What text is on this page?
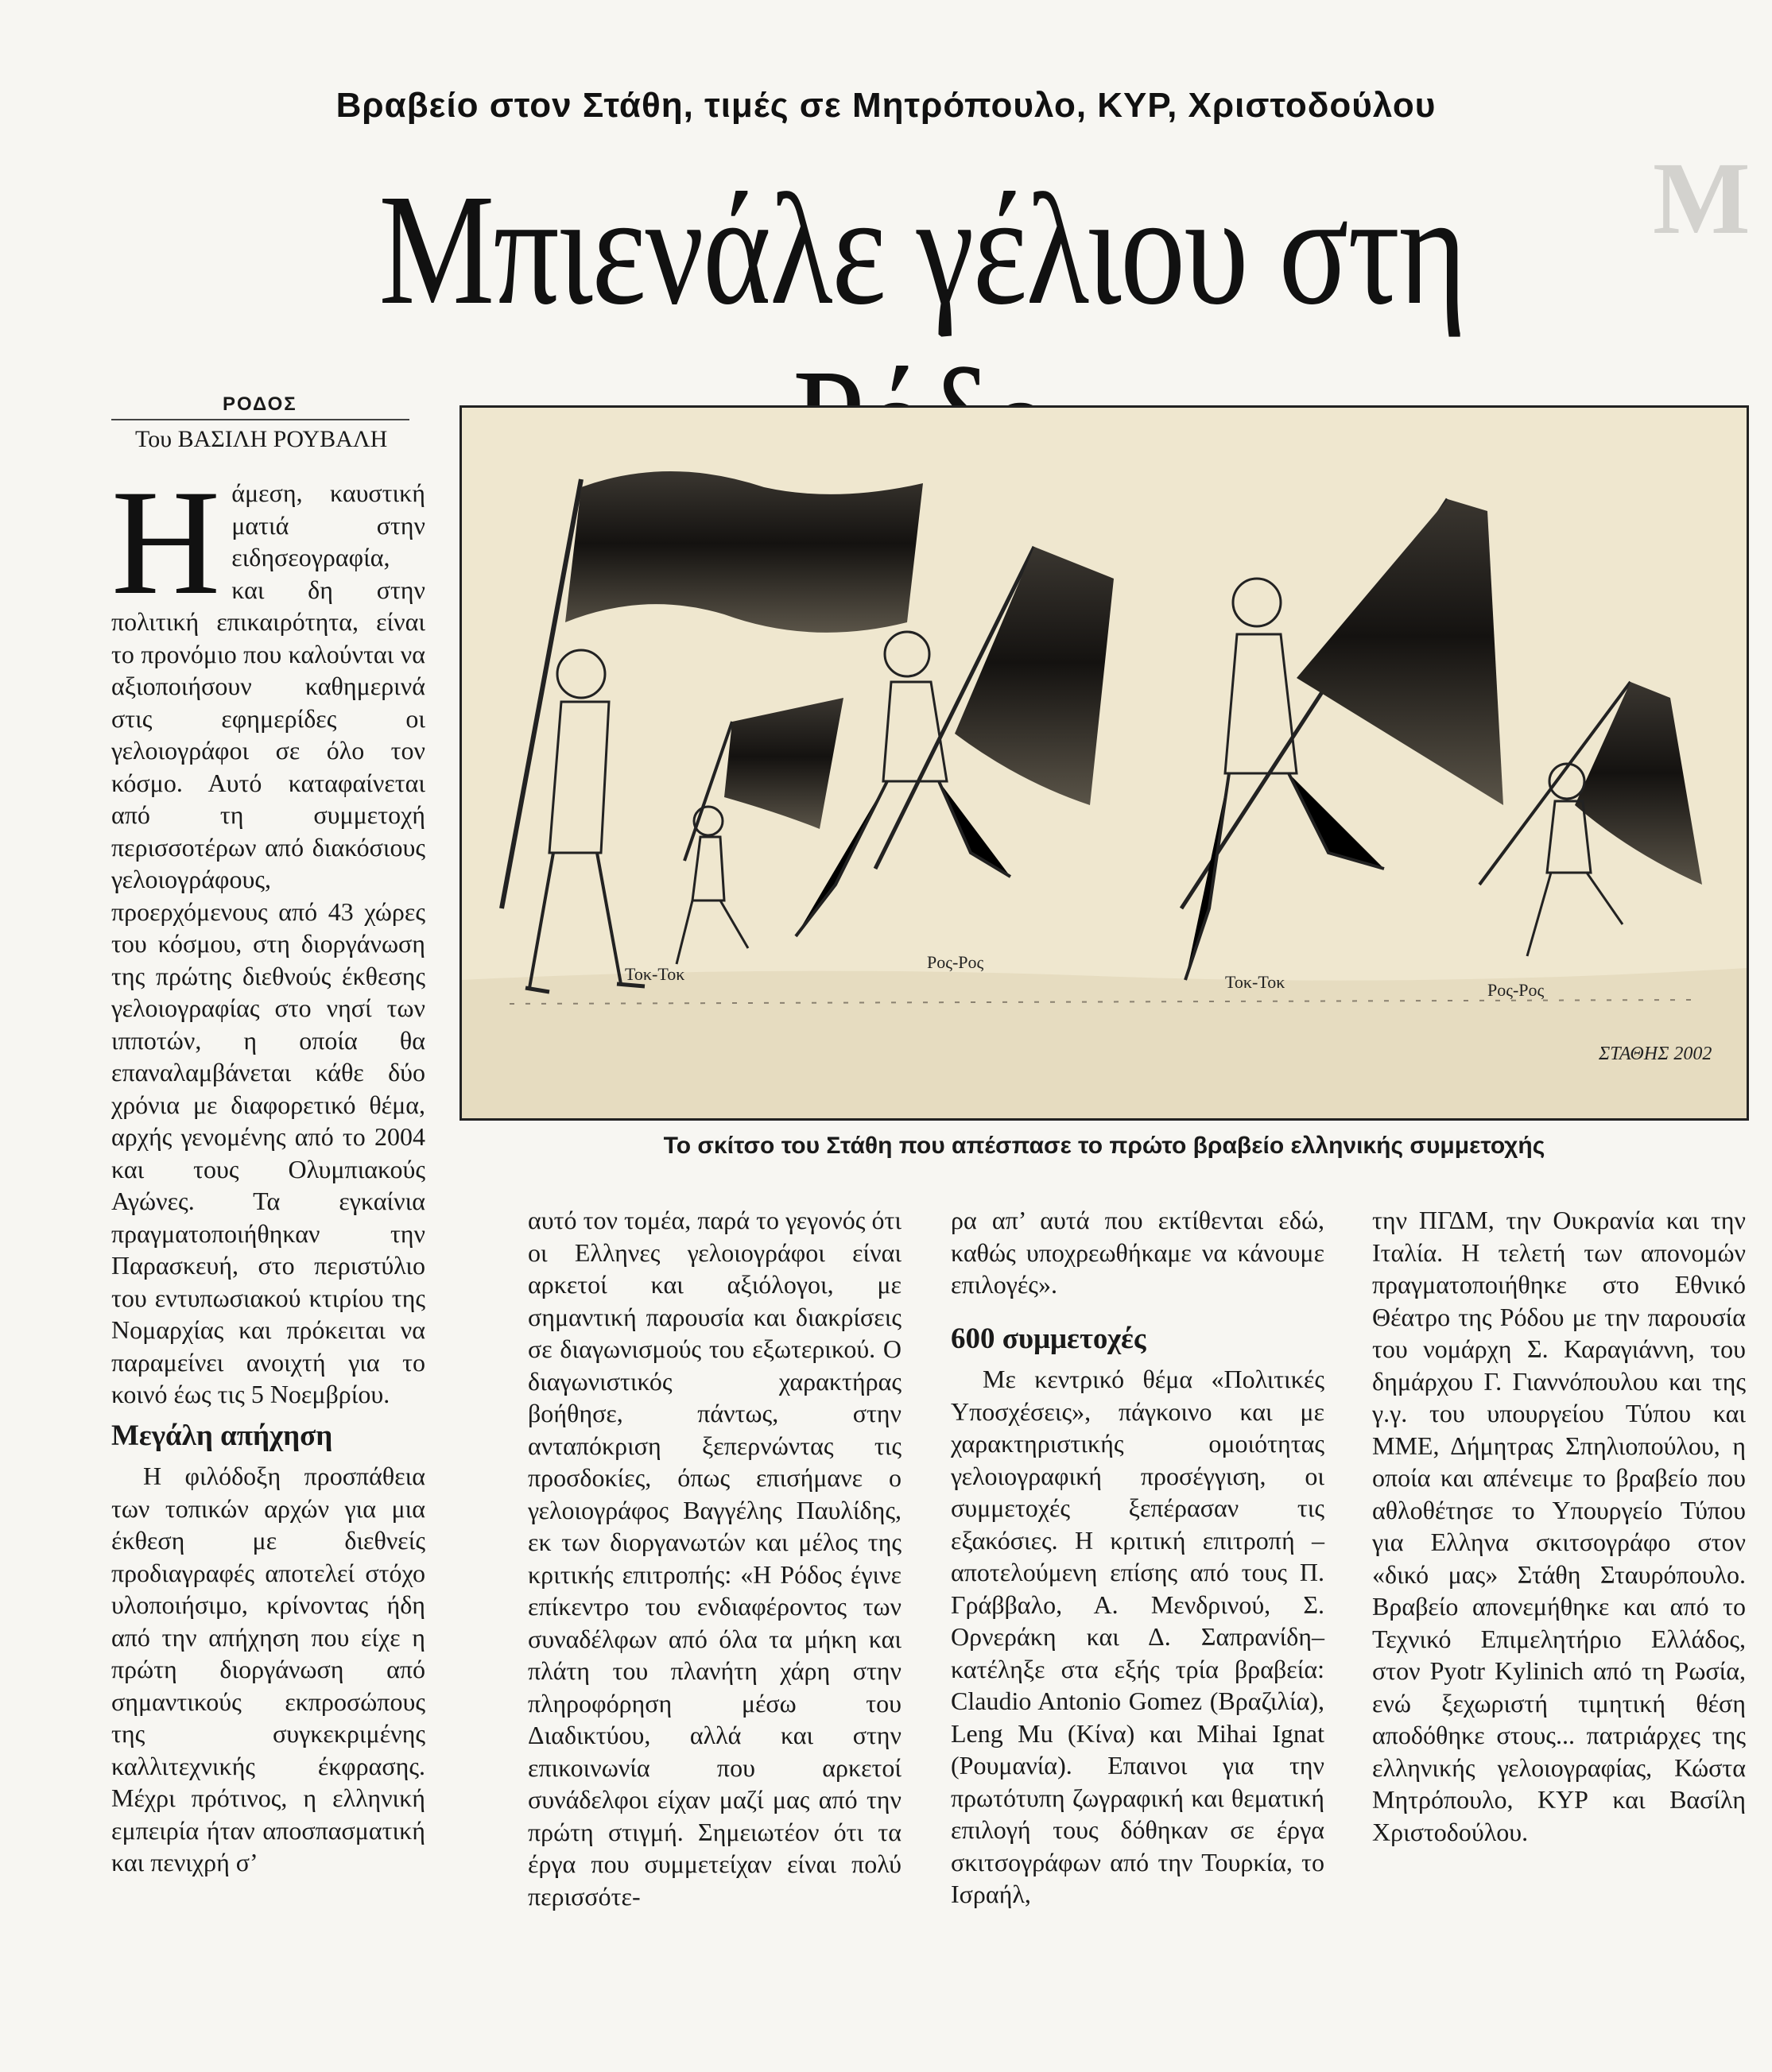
Μ
Βραβείο στον Στάθη, τιμές σε Μητρόπουλο, ΚΥΡ, Χριστοδούλου
Μπιενάλε γέλιου στη
ΡΟΔΟΣ
Του ΒΑΣΙΛΗ ΡΟΥΒΑΛΗ

Ηάμεση, καυστική ματιά στην ειδησεογραφία, και δη στην πολιτική επικαιρότητα, είναι το προνόμιο που καλούνται να αξιοποιήσουν καθημερινά στις εφημερίδες οι γελοιογράφοι σε όλο τον κόσμο. Αυτό καταφαίνεται από τη συμμετοχή περισσοτέρων από διακόσιους γελοιογράφους, προερχόμενους από 43 χώρες του κόσμου, στη διοργάνωση της πρώτης διεθνούς έκθεσης γελοιογραφίας στο νησί των ιπποτών, η οποία θα επαναλαμβάνεται κάθε δύο χρόνια με διαφορετικό θέμα, αρχής γενομένης από το 2004 και τους Ολυμπιακούς Αγώνες. Τα εγκαίνια πραγματοποιήθηκαν την Παρασκευή, στο περιστύλιο του εντυπωσιακού κτιρίου της Νομαρχίας και πρόκειται να παραμείνει ανοιχτή για το κοινό έως τις 5 Νοεμβρίου.

Μεγάλη απήχηση

Η φιλόδοξη προσπάθεια των τοπικών αρχών για μια έκθεση με διεθνείς προδιαγραφές αποτελεί στόχο υλοποιήσιμο, κρίνοντας ήδη από την απήχηση που είχε η πρώτη διοργάνωση από σημαντικούς εκπροσώπους της συγκεκριμένης καλλιτεχνικής έκφρασης. Μέχρι πρότινος, η ελληνική εμπειρία ήταν αποσπασματική και πενιχρή σ’

αυτό τον τομέα, παρά το γεγονός ότι οι Ελληνες γελοιογράφοι είναι αρκετοί και αξιόλογοι, με σημαντική παρουσία και διακρίσεις σε διαγωνισμούς του εξωτερικού. Ο διαγωνιστικός χαρακτήρας βοήθησε, πάντως, στην ανταπόκριση ξεπερνώντας τις προσδοκίες, όπως επισήμανε ο γελοιογράφος Βαγγέλης Παυλίδης, εκ των διοργανωτών και μέλος της κριτικής επιτροπής: «Η Ρόδος έγινε επίκεντρο του ενδιαφέροντος των συναδέλφων από όλα τα μήκη και πλάτη του πλανήτη χάρη στην πληροφόρηση μέσω του Διαδικτύου, αλλά και στην επικοινωνία που αρκετοί συνάδελφοι είχαν μαζί μας από την πρώτη στιγμή. Σημειωτέον ότι τα έργα που συμμετείχαν είναι πολύ περισσότε-

ρα απ’ αυτά που εκτίθενται εδώ, καθώς υποχρεωθήκαμε να κάνουμε επιλογές».

600 συμμετοχές

Με κεντρικό θέμα «Πολιτικές Υποσχέσεις», πάγκοινο και με χαρακτηριστικής ομοιότητας γελοιογραφική προσέγγιση, οι συμμετοχές ξεπέρασαν τις εξακόσιες. Η κριτική επιτροπή –αποτελούμενη επίσης από τους Π. Γράββαλο, Α. Μενδρινού, Σ. Ορνεράκη και Δ. Σαπρανίδη– κατέληξε στα εξής τρία βραβεία: Claudio Antonio Gomez (Βραζιλία), Leng Mu (Κίνα) και Mihai Ignat (Ρουμανία). Επαινοι για την πρωτότυπη ζωγραφική και θεματική επιλογή τους δόθηκαν σε έργα σκιτσογράφων από την Τουρκία, το Ισραήλ,

την ΠΓΔΜ, την Ουκρανία και την Ιταλία. Η τελετή των απονομών πραγματοποιήθηκε στο Εθνικό Θέατρο της Ρόδου με την παρουσία του νομάρχη Σ. Καραγιάννη, του δημάρχου Γ. Γιαννόπουλου και της γ.γ. του υπουργείου Τύπου και ΜΜΕ, Δήμητρας Σπηλιοπούλου, η οποία και απένειμε το βραβείο που αθλοθέτησε το Υπουργείο Τύπου για Ελληνα σκιτσογράφο στον «δικό μας» Στάθη Σταυρόπουλο. Βραβείο απονεμήθηκε και από το Τεχνικό Επιμελητήριο Ελλάδος, στον Pyotr Kylinich από τη Ρωσία, ενώ ξεχωριστή τιμητική θέση αποδόθηκε στους... πατριάρχες της ελληνικής γελοιογραφίας, Κώστα Μητρόπουλο, ΚΥΡ και Βασίλη Χριστοδούλου.

Τοκ-Τοκ
Ρος-Ρος
Τοκ-Τοκ	Ρος-Ρος
ΣΤΑΘΗΣ 2002
Το σκίτσο του Στάθη που απέσπασε το πρώτο βραβείο ελληνικής συμμετοχής
